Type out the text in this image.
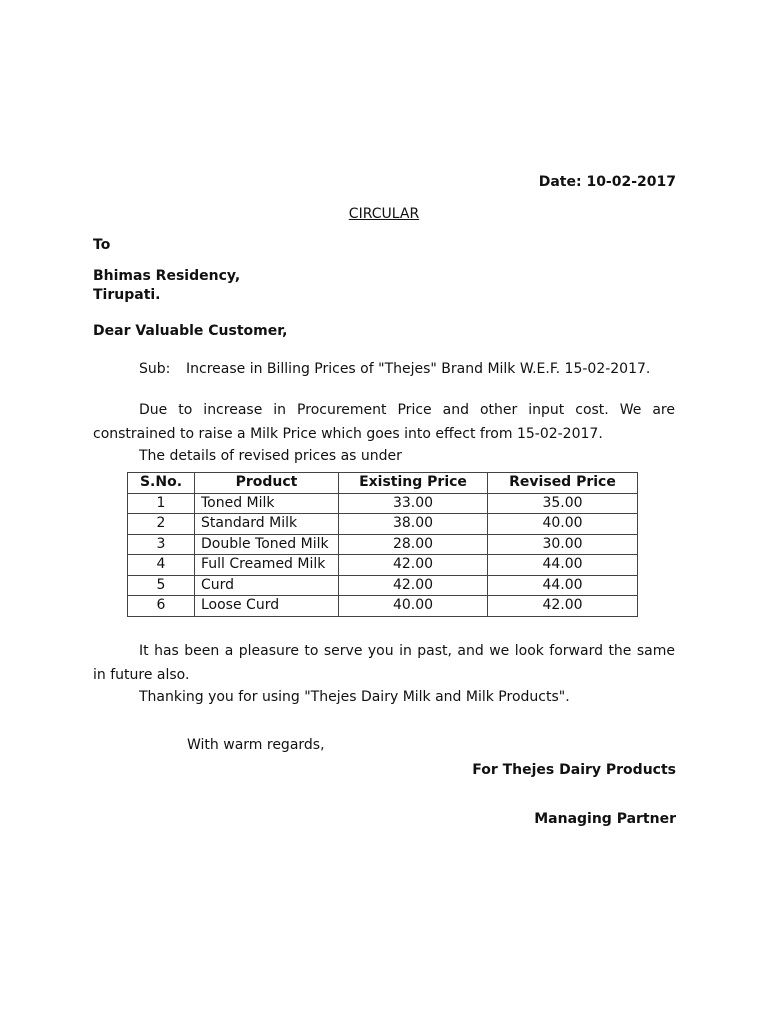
Date: 10-02-2017
CIRCULAR
To
Bhimas Residency,
Tirupati.
Dear Valuable Customer,
Sub: Increase in Billing Prices of "Thejes" Brand Milk W.E.F. 15-02-2017.
Due to increase in Procurement Price and other input cost. We are constrained to raise a Milk Price which goes into effect from 15-02-2017.
The details of revised prices as under
S.No.	Product	Existing Price	Revised Price
1	Toned Milk	33.00	35.00
2	Standard Milk	38.00	40.00
3	Double Toned Milk	28.00	30.00
4	Full Creamed Milk	42.00	44.00
5	Curd	42.00	44.00
6	Loose Curd	40.00	42.00
It has been a pleasure to serve you in past, and we look forward the same in future also.
Thanking you for using "Thejes Dairy Milk and Milk Products".
With warm regards,
For Thejes Dairy Products
Managing Partner
